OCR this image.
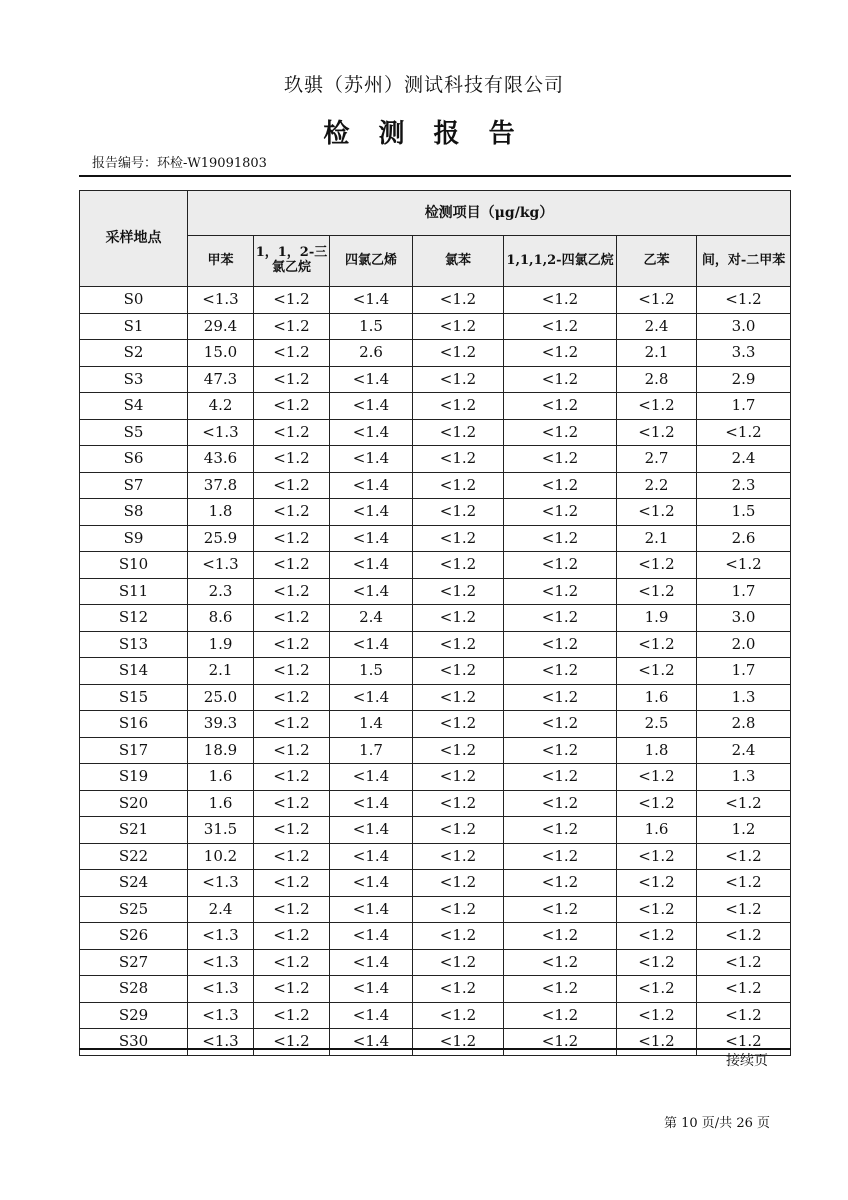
玖骐（苏州）测试科技有限公司
检 测 报 告
报告编号：环检-W19091803
采样地点	检测项目（μg/kg）						
	甲苯	1，1，2-三氯乙烷	四氯乙烯	氯苯	1,1,1,2-四氯乙烷	乙苯	间，对-二甲苯
S0	<1.3	<1.2	<1.4	<1.2	<1.2	<1.2	<1.2
S1	29.4	<1.2	1.5	<1.2	<1.2	2.4	3.0
S2	15.0	<1.2	2.6	<1.2	<1.2	2.1	3.3
S3	47.3	<1.2	<1.4	<1.2	<1.2	2.8	2.9
S4	4.2	<1.2	<1.4	<1.2	<1.2	<1.2	1.7
S5	<1.3	<1.2	<1.4	<1.2	<1.2	<1.2	<1.2
S6	43.6	<1.2	<1.4	<1.2	<1.2	2.7	2.4
S7	37.8	<1.2	<1.4	<1.2	<1.2	2.2	2.3
S8	1.8	<1.2	<1.4	<1.2	<1.2	<1.2	1.5
S9	25.9	<1.2	<1.4	<1.2	<1.2	2.1	2.6
S10	<1.3	<1.2	<1.4	<1.2	<1.2	<1.2	<1.2
S11	2.3	<1.2	<1.4	<1.2	<1.2	<1.2	1.7
S12	8.6	<1.2	2.4	<1.2	<1.2	1.9	3.0
S13	1.9	<1.2	<1.4	<1.2	<1.2	<1.2	2.0
S14	2.1	<1.2	1.5	<1.2	<1.2	<1.2	1.7
S15	25.0	<1.2	<1.4	<1.2	<1.2	1.6	1.3
S16	39.3	<1.2	1.4	<1.2	<1.2	2.5	2.8
S17	18.9	<1.2	1.7	<1.2	<1.2	1.8	2.4
S19	1.6	<1.2	<1.4	<1.2	<1.2	<1.2	1.3
S20	1.6	<1.2	<1.4	<1.2	<1.2	<1.2	<1.2
S21	31.5	<1.2	<1.4	<1.2	<1.2	1.6	1.2
S22	10.2	<1.2	<1.4	<1.2	<1.2	<1.2	<1.2
S24	<1.3	<1.2	<1.4	<1.2	<1.2	<1.2	<1.2
S25	2.4	<1.2	<1.4	<1.2	<1.2	<1.2	<1.2
S26	<1.3	<1.2	<1.4	<1.2	<1.2	<1.2	<1.2
S27	<1.3	<1.2	<1.4	<1.2	<1.2	<1.2	<1.2
S28	<1.3	<1.2	<1.4	<1.2	<1.2	<1.2	<1.2
S29	<1.3	<1.2	<1.4	<1.2	<1.2	<1.2	<1.2
S30	<1.3	<1.2	<1.4	<1.2	<1.2	<1.2	<1.2
接续页
第 10 页/共 26 页
